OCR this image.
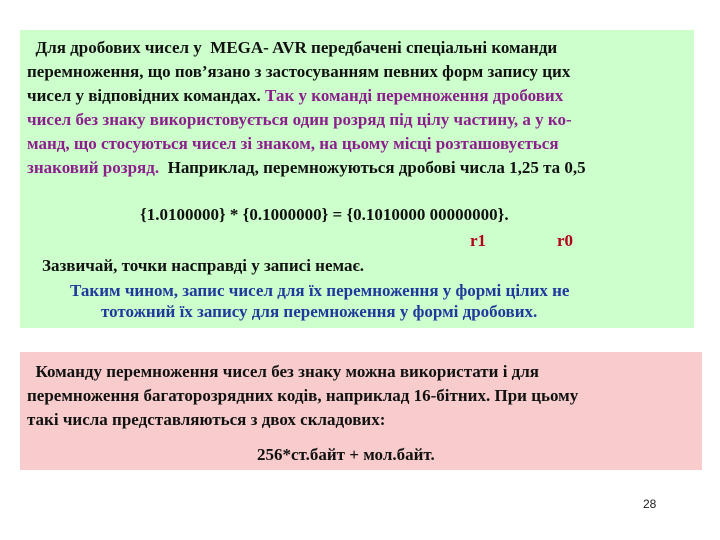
Для дробових чисел у  MEGA- AVR передбачені спеціальні команди
перемноження, що пов’язано з застосуванням певних форм запису цих
чисел у відповідних командах. Так у команді перемноження дробових
чисел без знаку використовується один розряд під цілу частину, а у ко-
манд, що стосуються чисел зі знаком, на цьому місці розташовується
знаковий розряд.  Наприклад, перемножуються дробові числа 1,25 та 0,5
{1.0100000} * {0.1000000} = {0.1010000 00000000}.
r1	r0
Зазвичай, точки насправді у записі немає.
Таким чином, запис чисел для їх перемноження у формі цілих не
тотожний їх запису для перемноження у формі дробових.
Команду перемноження чисел без знаку можна використати і для
перемноження багаторозрядних кодів, наприклад 16-бітних. При цьому
такі числа представляються з двох складових:
256*ст.байт + мол.байт.
28
